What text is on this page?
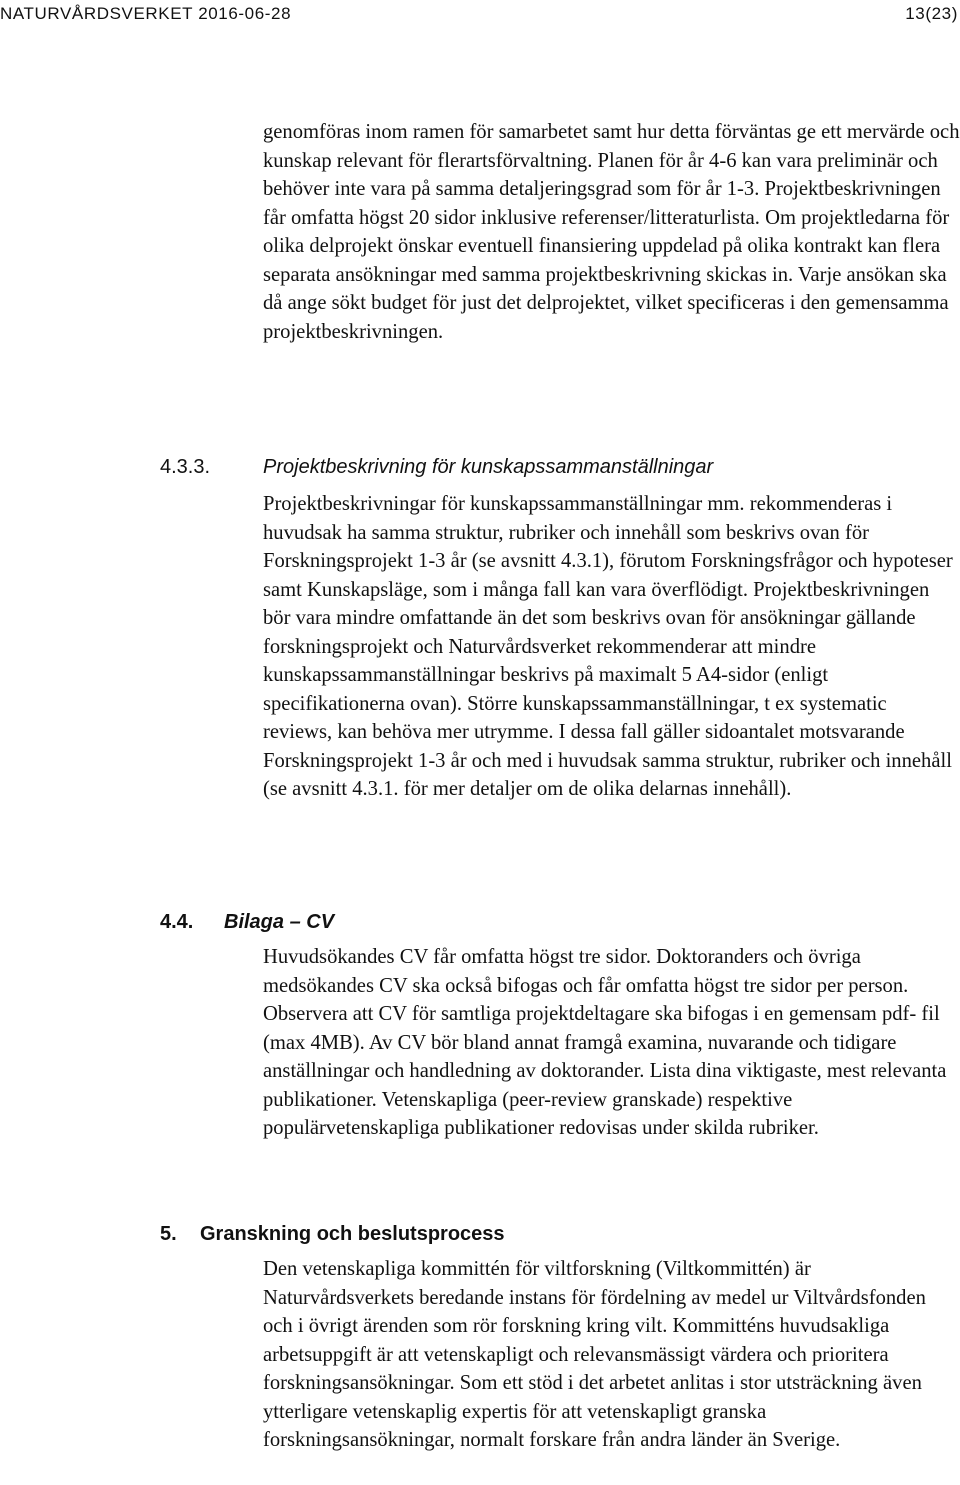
NATURVÅRDSVERKET 2016-06-28	13(23)
genomföras inom ramen för samarbetet samt hur detta förväntas ge ett mervärde och kunskap relevant för flerartsförvaltning. Planen för år 4-6 kan vara preliminär och behöver inte vara på samma detaljeringsgrad som för år 1-3. Projektbeskrivningen får omfatta högst 20 sidor inklusive referenser/litteraturlista. Om projektledarna för olika delprojekt önskar eventuell finansiering uppdelad på olika kontrakt kan flera separata ansökningar med samma projektbeskrivning skickas in. Varje ansökan ska då ange sökt budget för just det delprojektet, vilket specificeras i den gemensamma projektbeskrivningen.
4.3.3.	Projektbeskrivning för kunskapssammanställningar
Projektbeskrivningar för kunskapssammanställningar mm. rekommenderas i huvudsak ha samma struktur, rubriker och innehåll som beskrivs ovan för Forskningsprojekt 1-3 år (se avsnitt 4.3.1), förutom Forskningsfrågor och hypoteser samt Kunskapsläge, som i många fall kan vara överflödigt. Projektbeskrivningen bör vara mindre omfattande än det som beskrivs ovan för ansökningar gällande forskningsprojekt och Naturvårdsverket rekommenderar att mindre kunskapssammanställningar beskrivs på maximalt 5 A4-sidor (enligt specifikationerna ovan). Större kunskapssammanställningar, t ex systematic reviews, kan behöva mer utrymme. I dessa fall gäller sidoantalet motsvarande Forskningsprojekt 1-3 år och med i huvudsak samma struktur, rubriker och innehåll (se avsnitt 4.3.1. för mer detaljer om de olika delarnas innehåll).
4.4. Bilaga – CV
Huvudsökandes CV får omfatta högst tre sidor. Doktoranders och övriga medsökandes CV ska också bifogas och får omfatta högst tre sidor per person. Observera att CV för samtliga projektdeltagare ska bifogas i en gemensam pdf- fil (max 4MB). Av CV bör bland annat framgå examina, nuvarande och tidigare anställningar och handledning av doktorander. Lista dina viktigaste, mest relevanta publikationer. Vetenskapliga (peer-review granskade) respektive populärvetenskapliga publikationer redovisas under skilda rubriker.
5. Granskning och beslutsprocess
Den vetenskapliga kommittén för viltforskning (Viltkommittén) är Naturvårdsverkets beredande instans för fördelning av medel ur Viltvårdsfonden och i övrigt ärenden som rör forskning kring vilt. Kommitténs huvudsakliga arbetsuppgift är att vetenskapligt och relevansmässigt värdera och prioritera forskningsansökningar. Som ett stöd i det arbetet anlitas i stor utsträckning även ytterligare vetenskaplig expertis för att vetenskapligt granska forskningsansökningar, normalt forskare från andra länder än Sverige.
